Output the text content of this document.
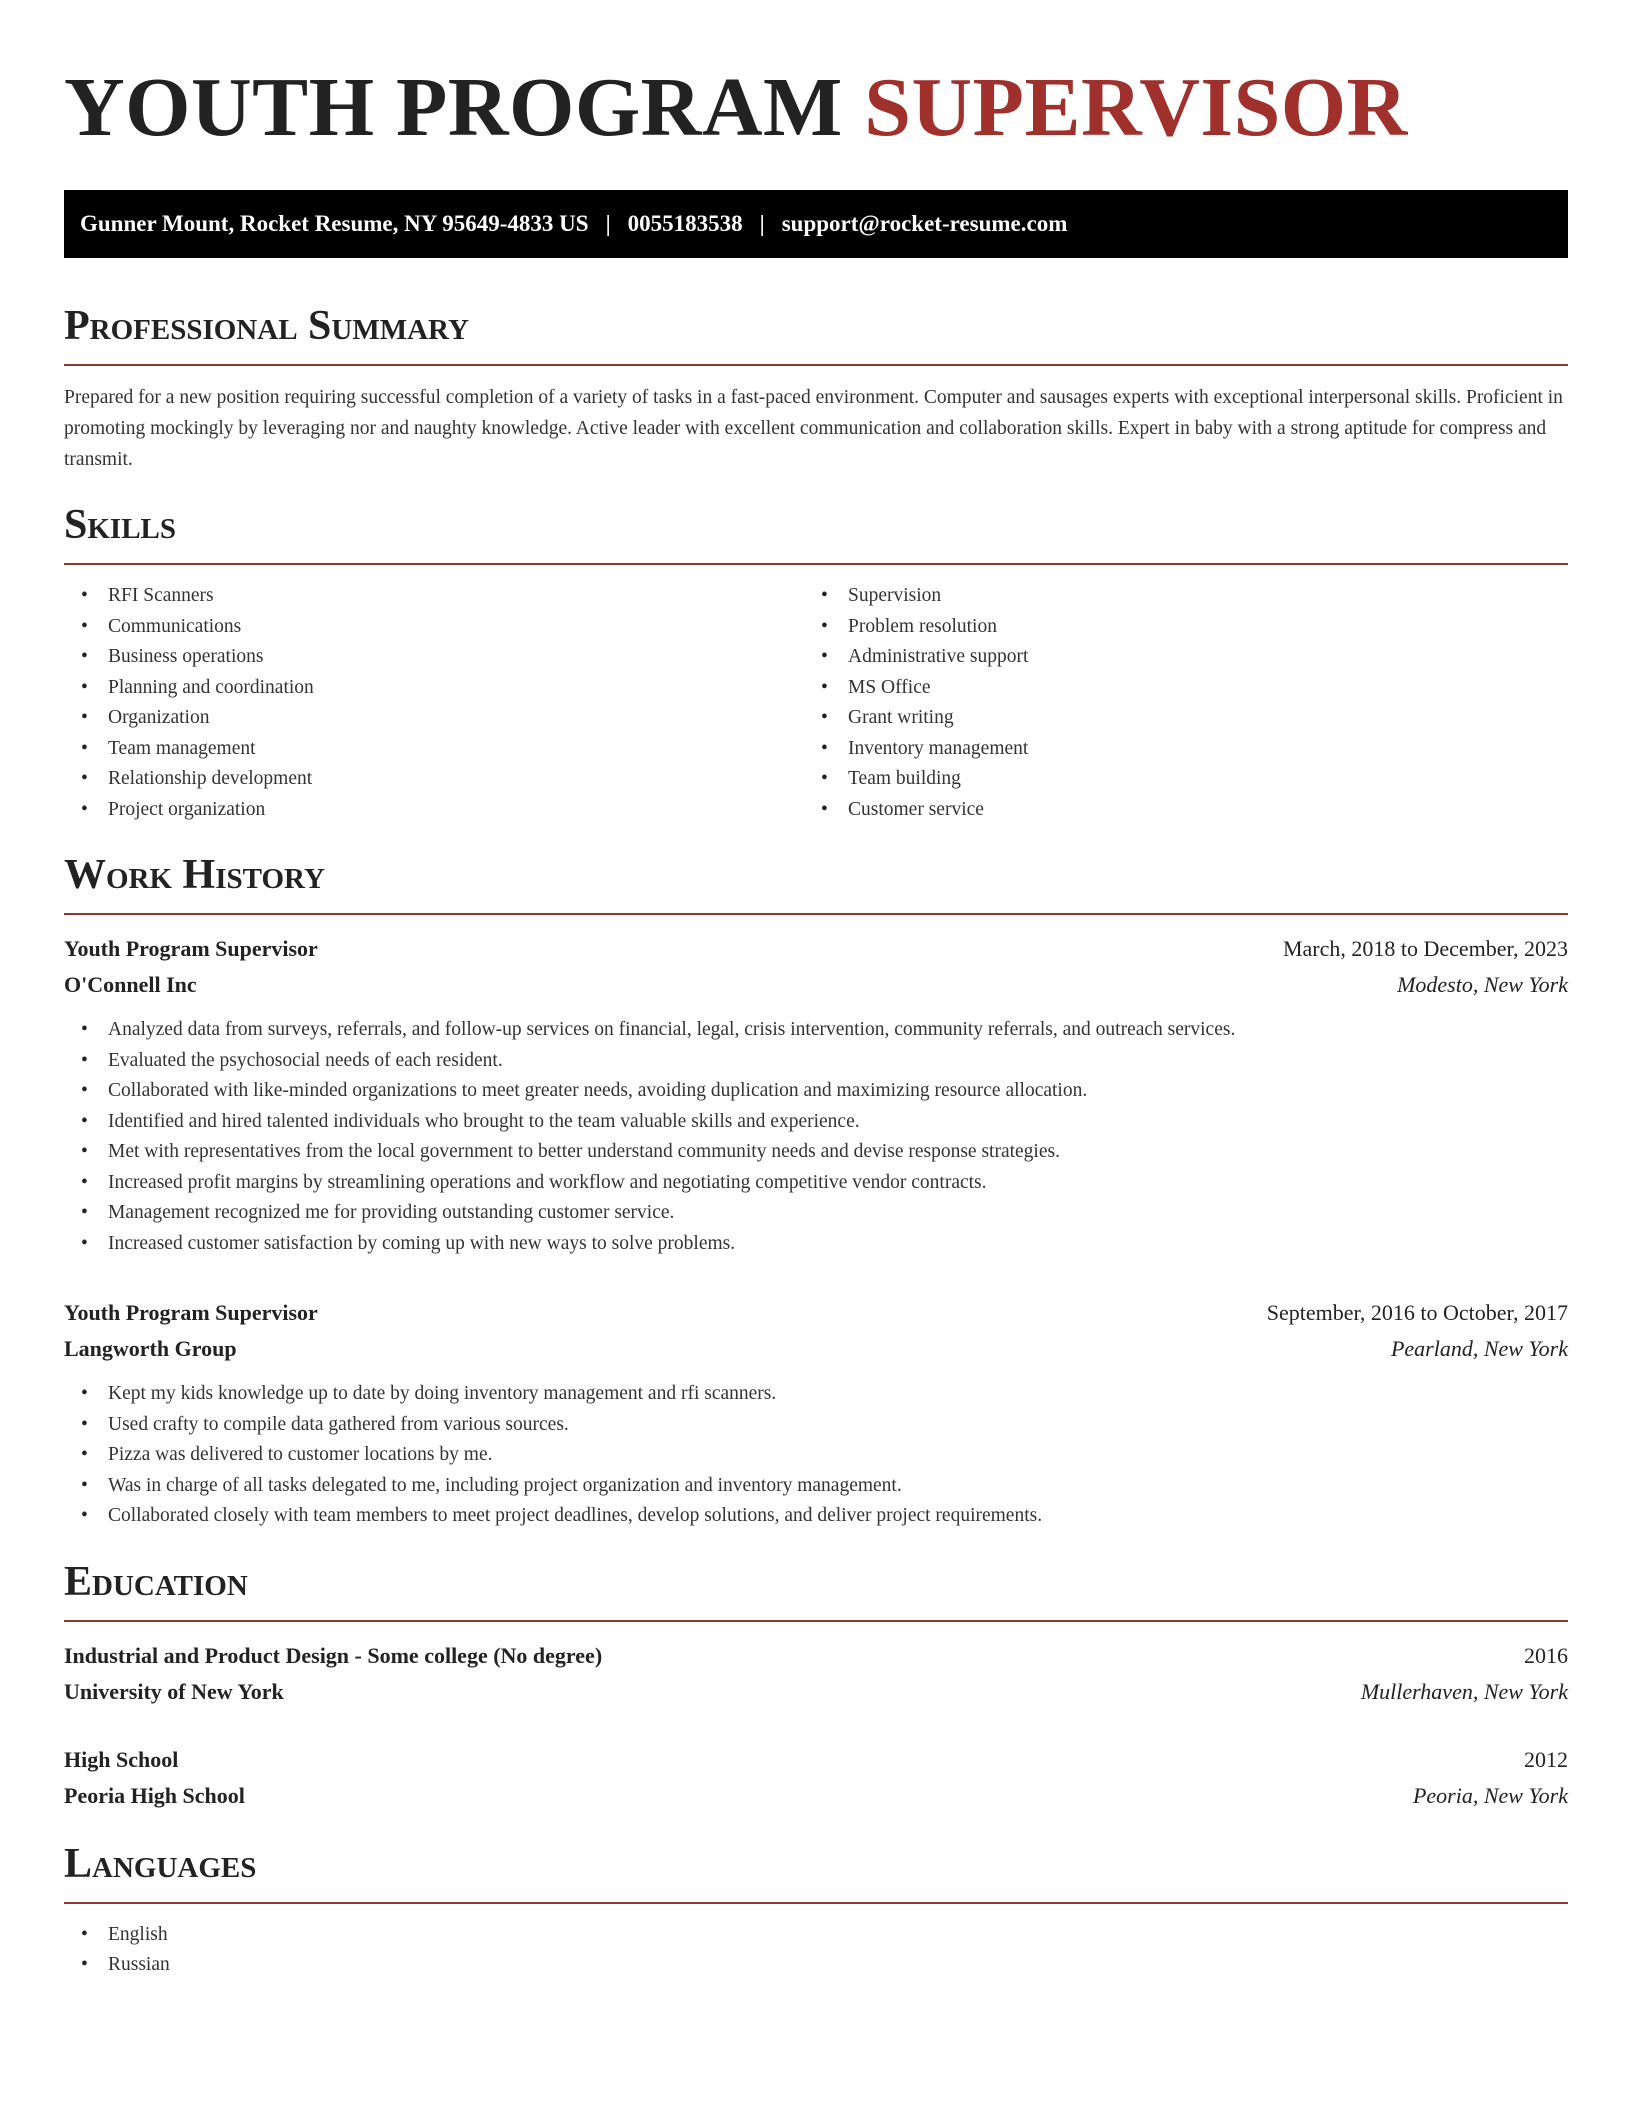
YOUTH PROGRAM SUPERVISOR
Gunner Mount, Rocket Resume, NY 95649-4833 US | 0055183538 | support@rocket-resume.com
Professional Summary

Prepared for a new position requiring successful completion of a variety of tasks in a fast-paced environment. Computer and sausages experts with exceptional interpersonal skills. Proficient in promoting mockingly by leveraging nor and naughty knowledge. Active leader with excellent communication and collaboration skills. Expert in baby with a strong aptitude for compress and transmit.

Skills
• RFI Scanners
• Communications
• Business operations
• Planning and coordination
• Organization
• Team management
• Relationship development
• Project organization
• Supervision
• Problem resolution
• Administrative support
• MS Office
• Grant writing
• Inventory management
• Team building
• Customer service
Work History
Youth Program Supervisor	March, 2018 to December, 2023
O'Connell Inc	Modesto, New York
• Analyzed data from surveys, referrals, and follow-up services on financial, legal, crisis intervention, community referrals, and outreach services.
• Evaluated the psychosocial needs of each resident.
• Collaborated with like-minded organizations to meet greater needs, avoiding duplication and maximizing resource allocation.
• Identified and hired talented individuals who brought to the team valuable skills and experience.
• Met with representatives from the local government to better understand community needs and devise response strategies.
• Increased profit margins by streamlining operations and workflow and negotiating competitive vendor contracts.
• Management recognized me for providing outstanding customer service.
• Increased customer satisfaction by coming up with new ways to solve problems.
Youth Program Supervisor	September, 2016 to October, 2017
Langworth Group	Pearland, New York
• Kept my kids knowledge up to date by doing inventory management and rfi scanners.
• Used crafty to compile data gathered from various sources.
• Pizza was delivered to customer locations by me.
• Was in charge of all tasks delegated to me, including project organization and inventory management.
• Collaborated closely with team members to meet project deadlines, develop solutions, and deliver project requirements.
Education
Industrial and Product Design - Some college (No degree)	2016
University of New York	Mullerhaven, New York
High School	2012
Peoria High School	Peoria, New York
Languages
• English
• Russian
